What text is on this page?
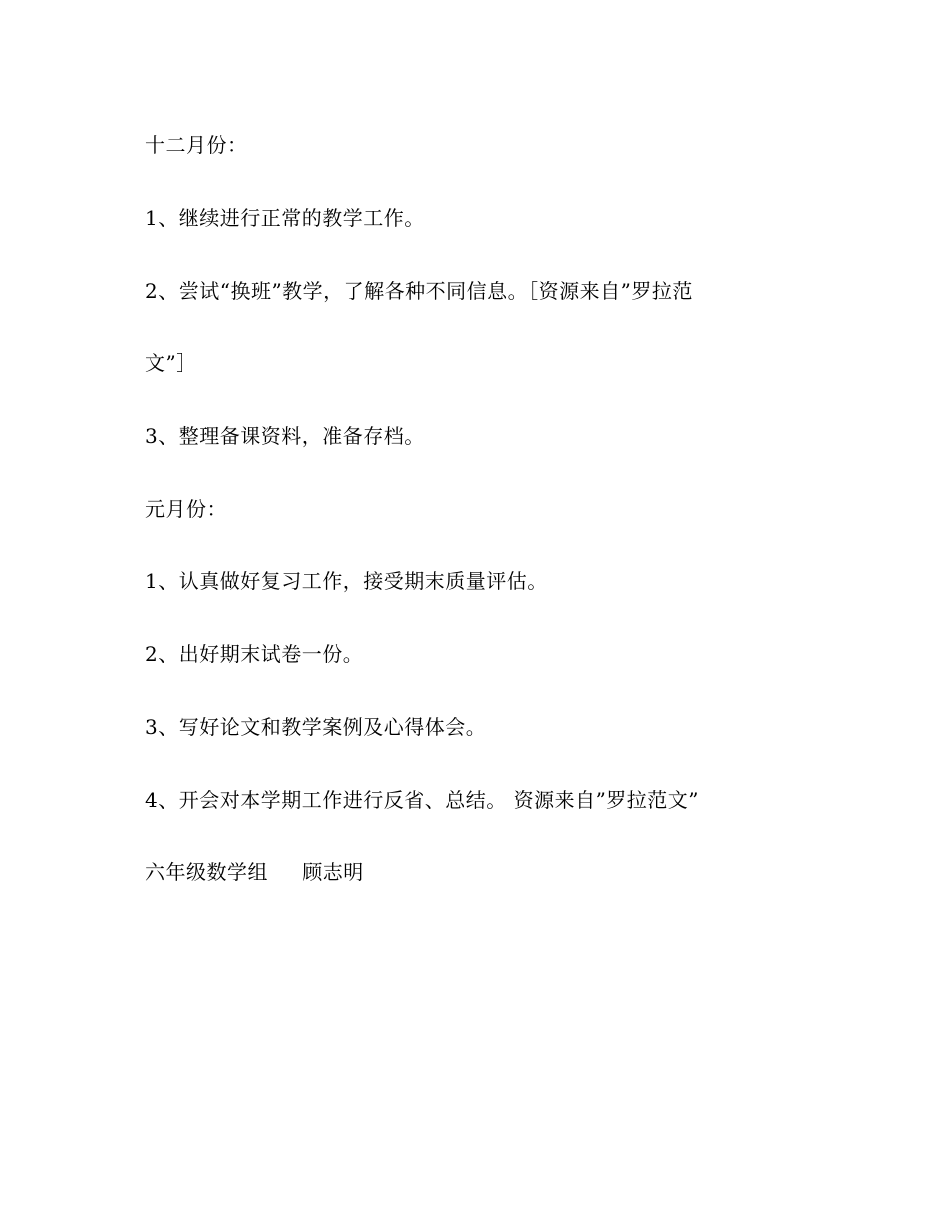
十二月份：
1、继续进行正常的教学工作。
2、尝试“换班”教学，了解各种不同信息。［资源来自”罗拉范
文”］
3、整理备课资料，准备存档。
元月份：
1、认真做好复习工作，接受期末质量评估。
2、出好期末试卷一份。
3、写好论文和教学案例及心得体会。
4、开会对本学期工作进行反省、总结。 资源来自”罗拉范文”
六年级数学组     顾志明
